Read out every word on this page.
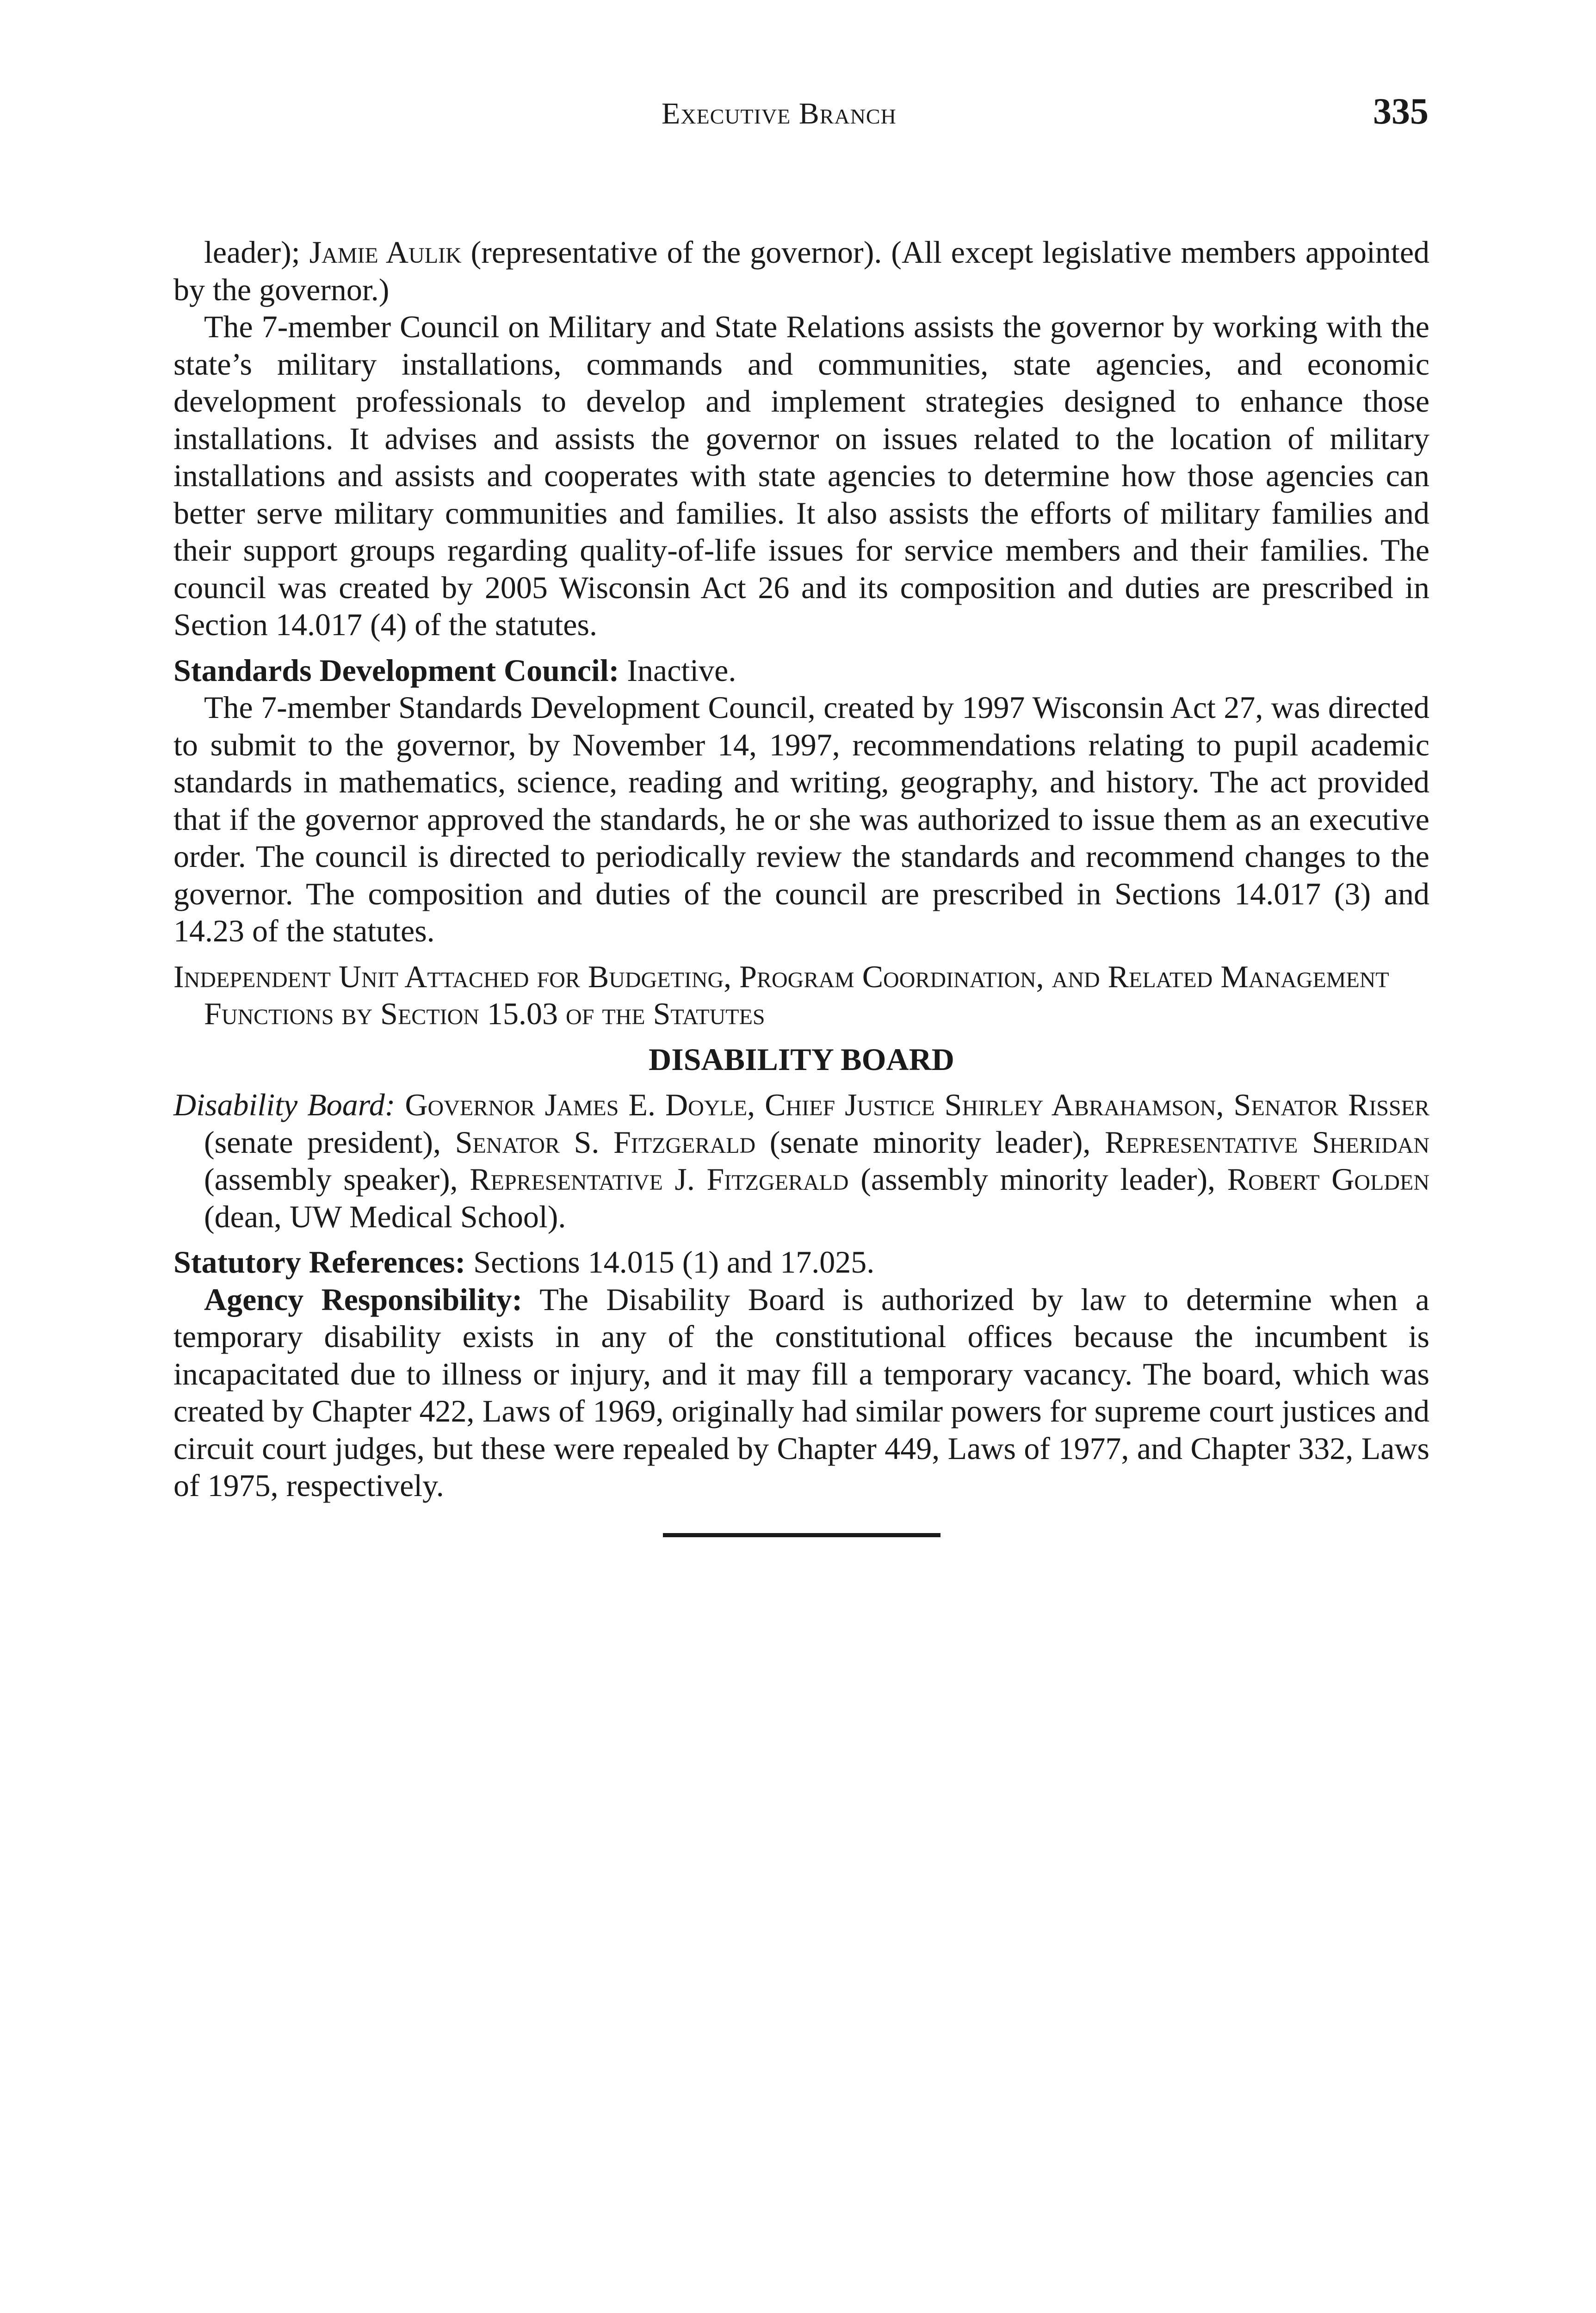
Executive Branch	335

leader); Jamie Aulik (representative of the governor). (All except legislative members appointed by the governor.)

The 7-member Council on Military and State Relations assists the governor by working with the state’s military installations, commands and communities, state agencies, and economic development professionals to develop and implement strategies designed to enhance those installations. It advises and assists the governor on issues related to the location of military installations and assists and cooperates with state agencies to determine how those agencies can better serve military communities and families. It also assists the efforts of military families and their support groups regarding quality-of-life issues for service members and their families. The council was created by 2005 Wisconsin Act 26 and its composition and duties are prescribed in Section 14.017 (4) of the statutes.

Standards Development Council: Inactive.

The 7-member Standards Development Council, created by 1997 Wisconsin Act 27, was directed to submit to the governor, by November 14, 1997, recommendations relating to pupil academic standards in mathematics, science, reading and writing, geography, and history. The act provided that if the governor approved the standards, he or she was authorized to issue them as an executive order. The council is directed to periodically review the standards and recommend changes to the governor. The composition and duties of the council are prescribed in Sections 14.017 (3) and 14.23 of the statutes.

Independent Unit Attached for Budgeting, Program Coordination, and Related Management Functions by Section 15.03 of the Statutes

DISABILITY BOARD

Disability Board: Governor James E. Doyle, Chief Justice Shirley Abrahamson, Senator Risser (senate president), Senator S. Fitzgerald (senate minority leader), Representative Sheridan (assembly speaker), Representative J. Fitzgerald (assembly minority leader), Robert Golden (dean, UW Medical School).

Statutory References: Sections 14.015 (1) and 17.025.

Agency Responsibility: The Disability Board is authorized by law to determine when a temporary disability exists in any of the constitutional offices because the incumbent is incapacitated due to illness or injury, and it may fill a temporary vacancy. The board, which was created by Chapter 422, Laws of 1969, originally had similar powers for supreme court justices and circuit court judges, but these were repealed by Chapter 449, Laws of 1977, and Chapter 332, Laws of 1975, respectively.
